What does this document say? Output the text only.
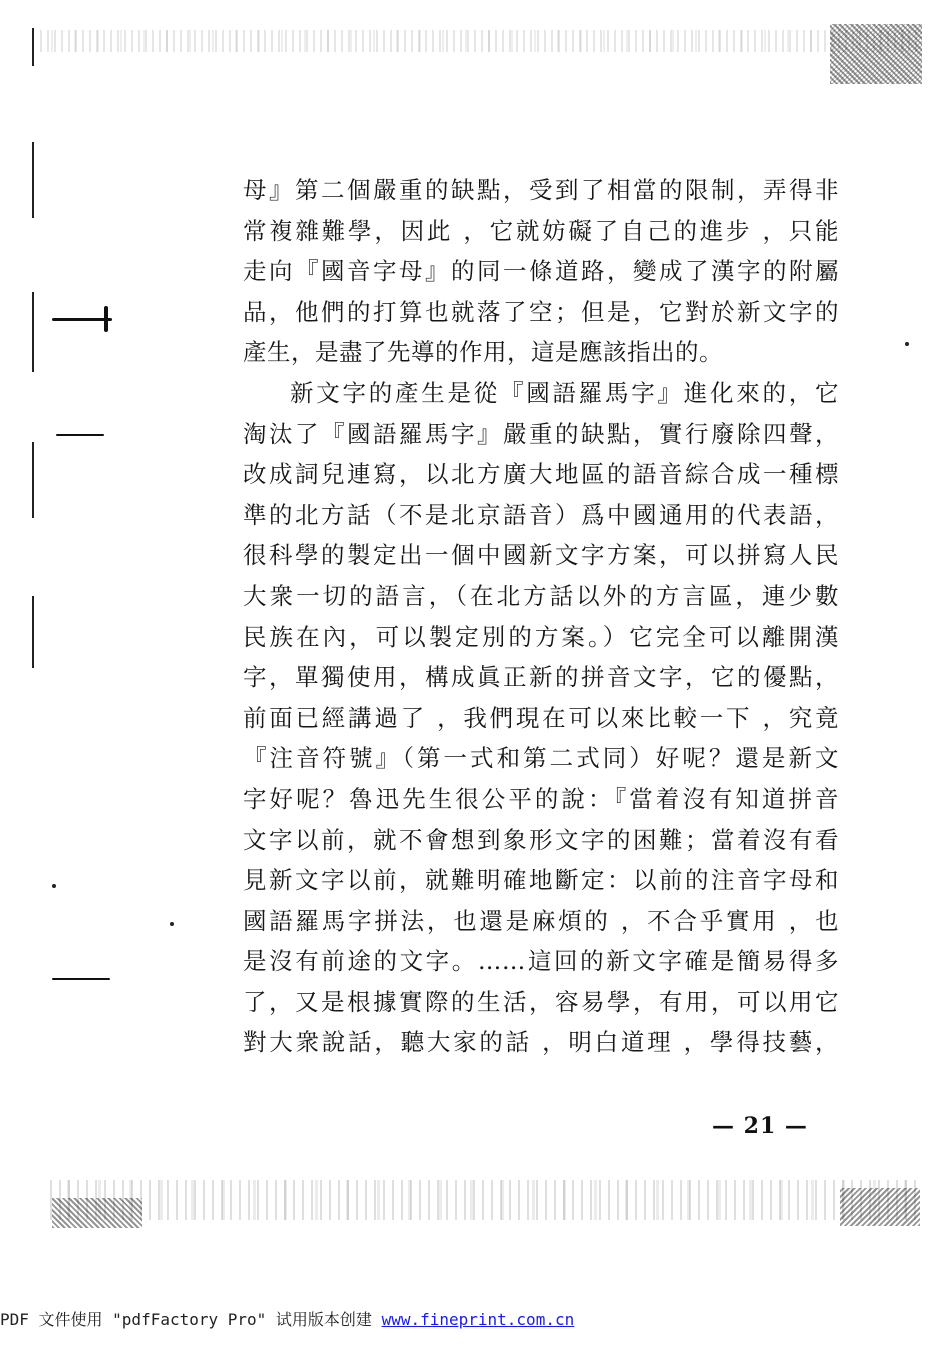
母』第二個嚴重的缺點，受到了相當的限制，弄得非

常複雜難學，因此 ，它就妨礙了自己的進步 ，只能

走向『國音字母』的同一條道路，變成了漢字的附屬

品，他們的打算也就落了空；但是，它對於新文字的

產生，是盡了先導的作用，這是應該指出的。

新文字的產生是從『國語羅馬字』進化來的，它

淘汰了『國語羅馬字』嚴重的缺點，實行廢除四聲，

改成詞兒連寫，以北方廣大地區的語音綜合成一種標

準的北方話（不是北京語音）爲中國通用的代表語，

很科學的製定出一個中國新文字方案，可以拼寫人民

大衆一切的語言，（在北方話以外的方言區，連少數

民族在內，可以製定別的方案。）它完全可以離開漢

字，單獨使用，構成眞正新的拼音文字，它的優點，

前面已經講過了 ，我們現在可以來比較一下 ，究竟

『注音符號』（第一式和第二式同）好呢？還是新文

字好呢？魯迅先生很公平的說：『當着沒有知道拼音

文字以前，就不會想到象形文字的困難；當着沒有看

見新文字以前，就難明確地斷定：以前的注音字母和

國語羅馬字拼法，也還是麻煩的 ，不合乎實用 ，也

是沒有前途的文字。……這回的新文字確是簡易得多

了，又是根據實際的生活，容易學，有用，可以用它

對大衆說話，聽大家的話 ，明白道理 ，學得技藝，

— 21 —
PDF 文件使用 "pdfFactory Pro" 试用版本创建 www.fineprint.com.cn
